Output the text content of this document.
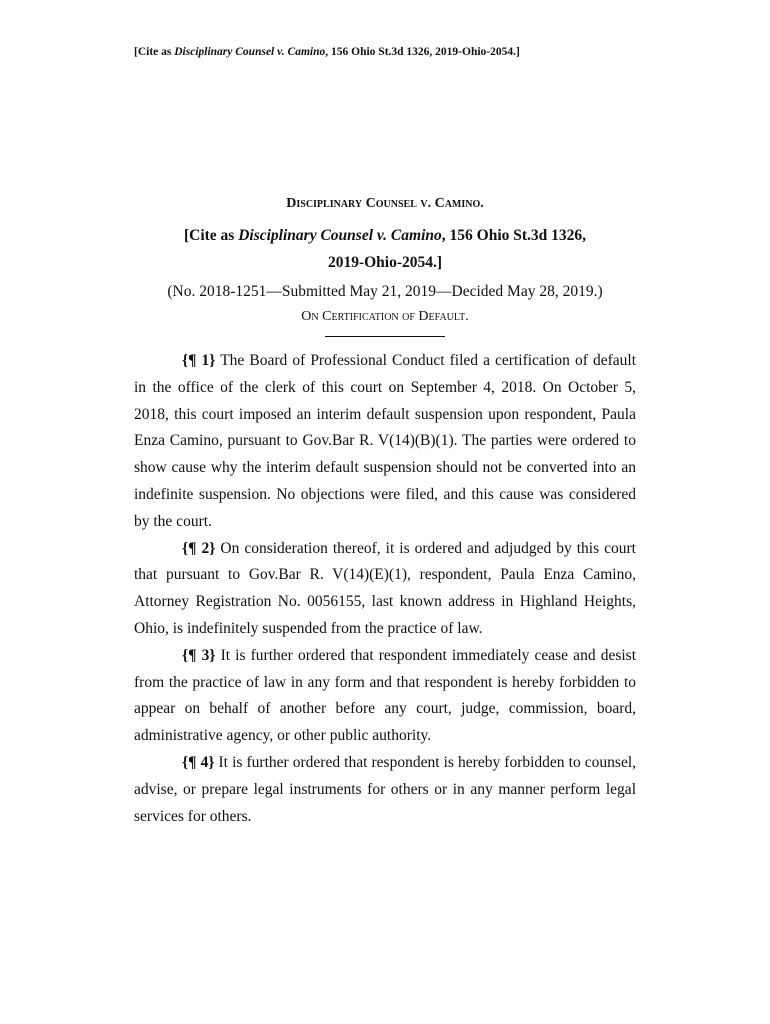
[Cite as Disciplinary Counsel v. Camino, 156 Ohio St.3d 1326, 2019-Ohio-2054.]

Disciplinary Counsel v. Camino.

[Cite as Disciplinary Counsel v. Camino, 156 Ohio St.3d 1326,
2019-Ohio-2054.]

(No. 2018-1251—Submitted May 21, 2019—Decided May 28, 2019.)

On Certification of Default.

{¶ 1} The Board of Professional Conduct filed a certification of default in the office of the clerk of this court on September 4, 2018. On October 5, 2018, this court imposed an interim default suspension upon respondent, Paula Enza Camino, pursuant to Gov.Bar R. V(14)(B)(1). The parties were ordered to show cause why the interim default suspension should not be converted into an indefinite suspension. No objections were filed, and this cause was considered by the court.

{¶ 2} On consideration thereof, it is ordered and adjudged by this court that pursuant to Gov.Bar R. V(14)(E)(1), respondent, Paula Enza Camino, Attorney Registration No. 0056155, last known address in Highland Heights, Ohio, is indefinitely suspended from the practice of law.

{¶ 3} It is further ordered that respondent immediately cease and desist from the practice of law in any form and that respondent is hereby forbidden to appear on behalf of another before any court, judge, commission, board, administrative agency, or other public authority.

{¶ 4} It is further ordered that respondent is hereby forbidden to counsel, advise, or prepare legal instruments for others or in any manner perform legal services for others.
